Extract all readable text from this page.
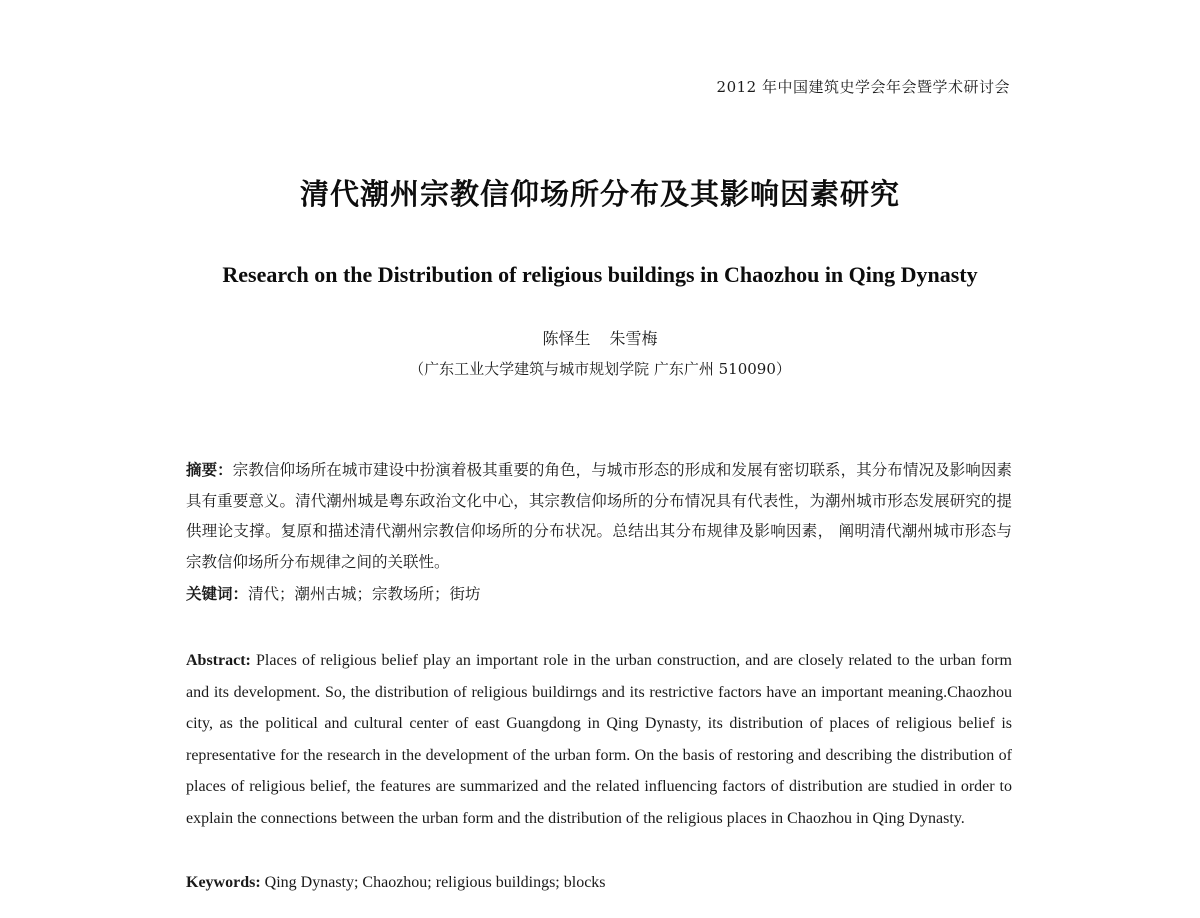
2012 年中国建筑史学会年会暨学术研讨会
清代潮州宗教信仰场所分布及其影响因素研究
Research on the Distribution of religious buildings in Chaozhou in Qing Dynasty
陈怿生 朱雪梅
（广东工业大学建筑与城市规划学院 广东广州 510090）

摘要：宗教信仰场所在城市建设中扮演着极其重要的角色，与城市形态的形成和发展有密切联系，其分布情况及影响因素具有重要意义。清代潮州城是粤东政治文化中心，其宗教信仰场所的分布情况具有代表性，为潮州城市形态发展研究的提供理论支撑。复原和描述清代潮州宗教信仰场所的分布状况。总结出其分布规律及影响因素， 阐明清代潮州城市形态与宗教信仰场所分布规律之间的关联性。

关键词：清代；潮州古城；宗教场所；街坊

Abstract: Places of religious belief play an important role in the urban construction, and are closely related to the urban form and its development. So, the distribution of religious buildirngs and its restrictive factors have an important meaning.Chaozhou city, as the political and cultural center of east Guangdong in Qing Dynasty, its distribution of places of religious belief is representative for the research in the development of the urban form. On the basis of restoring and describing the distribution of places of religious belief, the features are summarized and the related influencing factors of distribution are studied in order to explain the connections between the urban form and the distribution of the religious places in Chaozhou in Qing Dynasty.

Keywords: Qing Dynasty; Chaozhou; religious buildings; blocks
